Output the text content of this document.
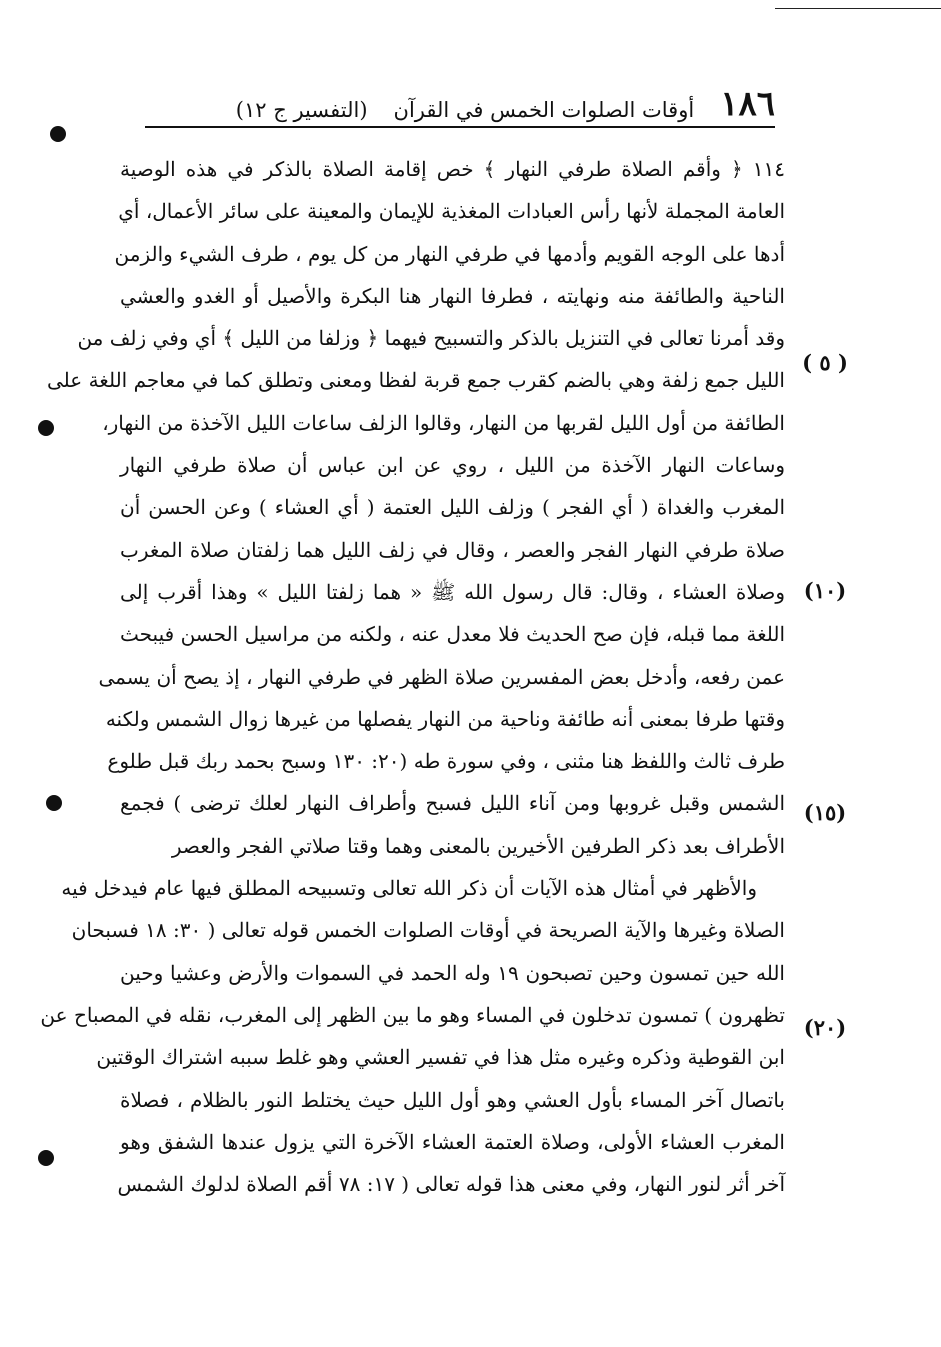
١٨٦
أوقات الصلوات الخمس في القرآن
(التفسير ج ١٢)
١١٤ ﴿ وأقم الصلاة طرفي النهار ﴾ خص إقامة الصلاة بالذكر في هذه الوصية
العامة المجملة لأنها رأس العبادات المغذية للإيمان والمعينة على سائر الأعمال، أي
أدها على الوجه القويم وأدمها في طرفي النهار من كل يوم ، طرف الشيء والزمن
الناحية والطائفة منه ونهايته ، فطرفا النهار هنا البكرة والأصيل أو الغدو والعشي
وقد أمرنا تعالى في التنزيل بالذكر والتسبيح فيهما ﴿ وزلفا من الليل ﴾ أي وفي زلف من
الليل جمع زلفة وهي بالضم كقرب جمع قربة لفظا ومعنى وتطلق كما في معاجم اللغة على
الطائفة من أول الليل لقربها من النهار، وقالوا الزلف ساعات الليل الآخذة من النهار،
وساعات النهار الآخذة من الليل ، روي عن ابن عباس أن صلاة طرفي النهار
المغرب والغداة ( أي الفجر ) وزلف الليل العتمة ( أي العشاء ) وعن الحسن أن
صلاة طرفي النهار الفجر والعصر ، وقال في زلف الليل هما زلفتان صلاة المغرب
وصلاة العشاء ، وقال: قال رسول الله ﷺ « هما زلفتا الليل » وهذا أقرب إلى
اللغة مما قبله، فإن صح الحديث فلا معدل عنه ، ولكنه من مراسيل الحسن فيبحث
عمن رفعه، وأدخل بعض المفسرين صلاة الظهر في طرفي النهار ، إذ يصح أن يسمى
وقتها طرفا بمعنى أنه طائفة وناحية من النهار يفصلها من غيرها زوال الشمس ولكنه
طرف ثالث واللفظ هنا مثنى ، وفي سورة طه (٢٠: ١٣٠ وسبح بحمد ربك قبل طلوع
الشمس وقبل غروبها ومن آناء الليل فسبح وأطراف النهار لعلك ترضى ) فجمع
الأطراف بعد ذكر الطرفين الأخيرين بالمعنى وهما وقتا صلاتي الفجر والعصر
والأظهر في أمثال هذه الآيات أن ذكر الله تعالى وتسبيحه المطلق فيها عام فيدخل فيه
الصلاة وغيرها والآية الصريحة في أوقات الصلوات الخمس قوله تعالى ( ٣٠: ١٨ فسبحان
الله حين تمسون وحين تصبحون ١٩ وله الحمد في السموات والأرض وعشيا وحين
تظهرون ) تمسون تدخلون في المساء وهو ما بين الظهر إلى المغرب، نقله في المصباح عن
ابن القوطية وذكره وغيره مثل هذا في تفسير العشي وهو غلط سببه اشتراك الوقتين
باتصال آخر المساء بأول العشي وهو أول الليل حيث يختلط النور بالظلام ، فصلاة
المغرب العشاء الأولى، وصلاة العتمة العشاء الآخرة التي يزول عندها الشفق وهو
آخر أثر لنور النهار، وفي معنى هذا قوله تعالى ( ١٧: ٧٨ أقم الصلاة لدلوك الشمس
( ٥ )
(١٠)
(١٥)
(٢٠)
